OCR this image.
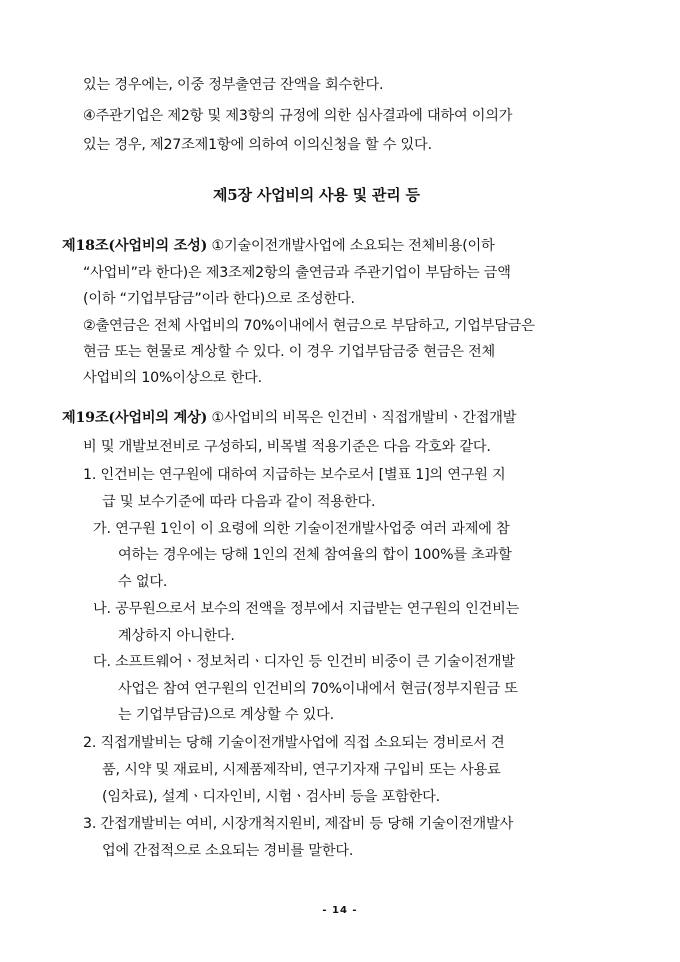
있는 경우에는, 이중 정부출연금 잔액을 회수한다.
④주관기업은 제2항 및 제3항의 규정에 의한 심사결과에 대하여 이의가
있는 경우, 제27조제1항에 의하여 이의신청을 할 수 있다.
제5장 사업비의 사용 및 관리 등
제18조(사업비의 조성) ①기술이전개발사업에 소요되는 전체비용(이하
“사업비”라 한다)은 제3조제2항의 출연금과 주관기업이 부담하는 금액
(이하 “기업부담금”이라 한다)으로 조성한다.
②출연금은 전체 사업비의 70%이내에서 현금으로 부담하고, 기업부담금은
현금 또는 현물로 계상할 수 있다. 이 경우 기업부담금중 현금은 전체
사업비의 10%이상으로 한다.
제19조(사업비의 계상) ①사업비의 비목은 인건비ㆍ직접개발비ㆍ간접개발
비 및 개발보전비로 구성하되, 비목별 적용기준은 다음 각호와 같다.
1. 인건비는 연구원에 대하여 지급하는 보수로서 [별표 1]의 연구원 지
급 및 보수기준에 따라 다음과 같이 적용한다.
가. 연구원 1인이 이 요령에 의한 기술이전개발사업중 여러 과제에 참
여하는 경우에는 당해 1인의 전체 참여율의 합이 100%를 초과할
수 없다.
나. 공무원으로서 보수의 전액을 정부에서 지급받는 연구원의 인건비는
계상하지 아니한다.
다. 소프트웨어ㆍ정보처리ㆍ디자인 등 인건비 비중이 큰 기술이전개발
사업은 참여 연구원의 인건비의 70%이내에서 현금(정부지원금 또
는 기업부담금)으로 계상할 수 있다.
2. 직접개발비는 당해 기술이전개발사업에 직접 소요되는 경비로서 견
품, 시약 및 재료비, 시제품제작비, 연구기자재 구입비 또는 사용료
(임차료), 설계ㆍ디자인비, 시험ㆍ검사비 등을 포함한다.
3. 간접개발비는 여비, 시장개척지원비, 제잡비 등 당해 기술이전개발사
업에 간접적으로 소요되는 경비를 말한다.
- 14 -
